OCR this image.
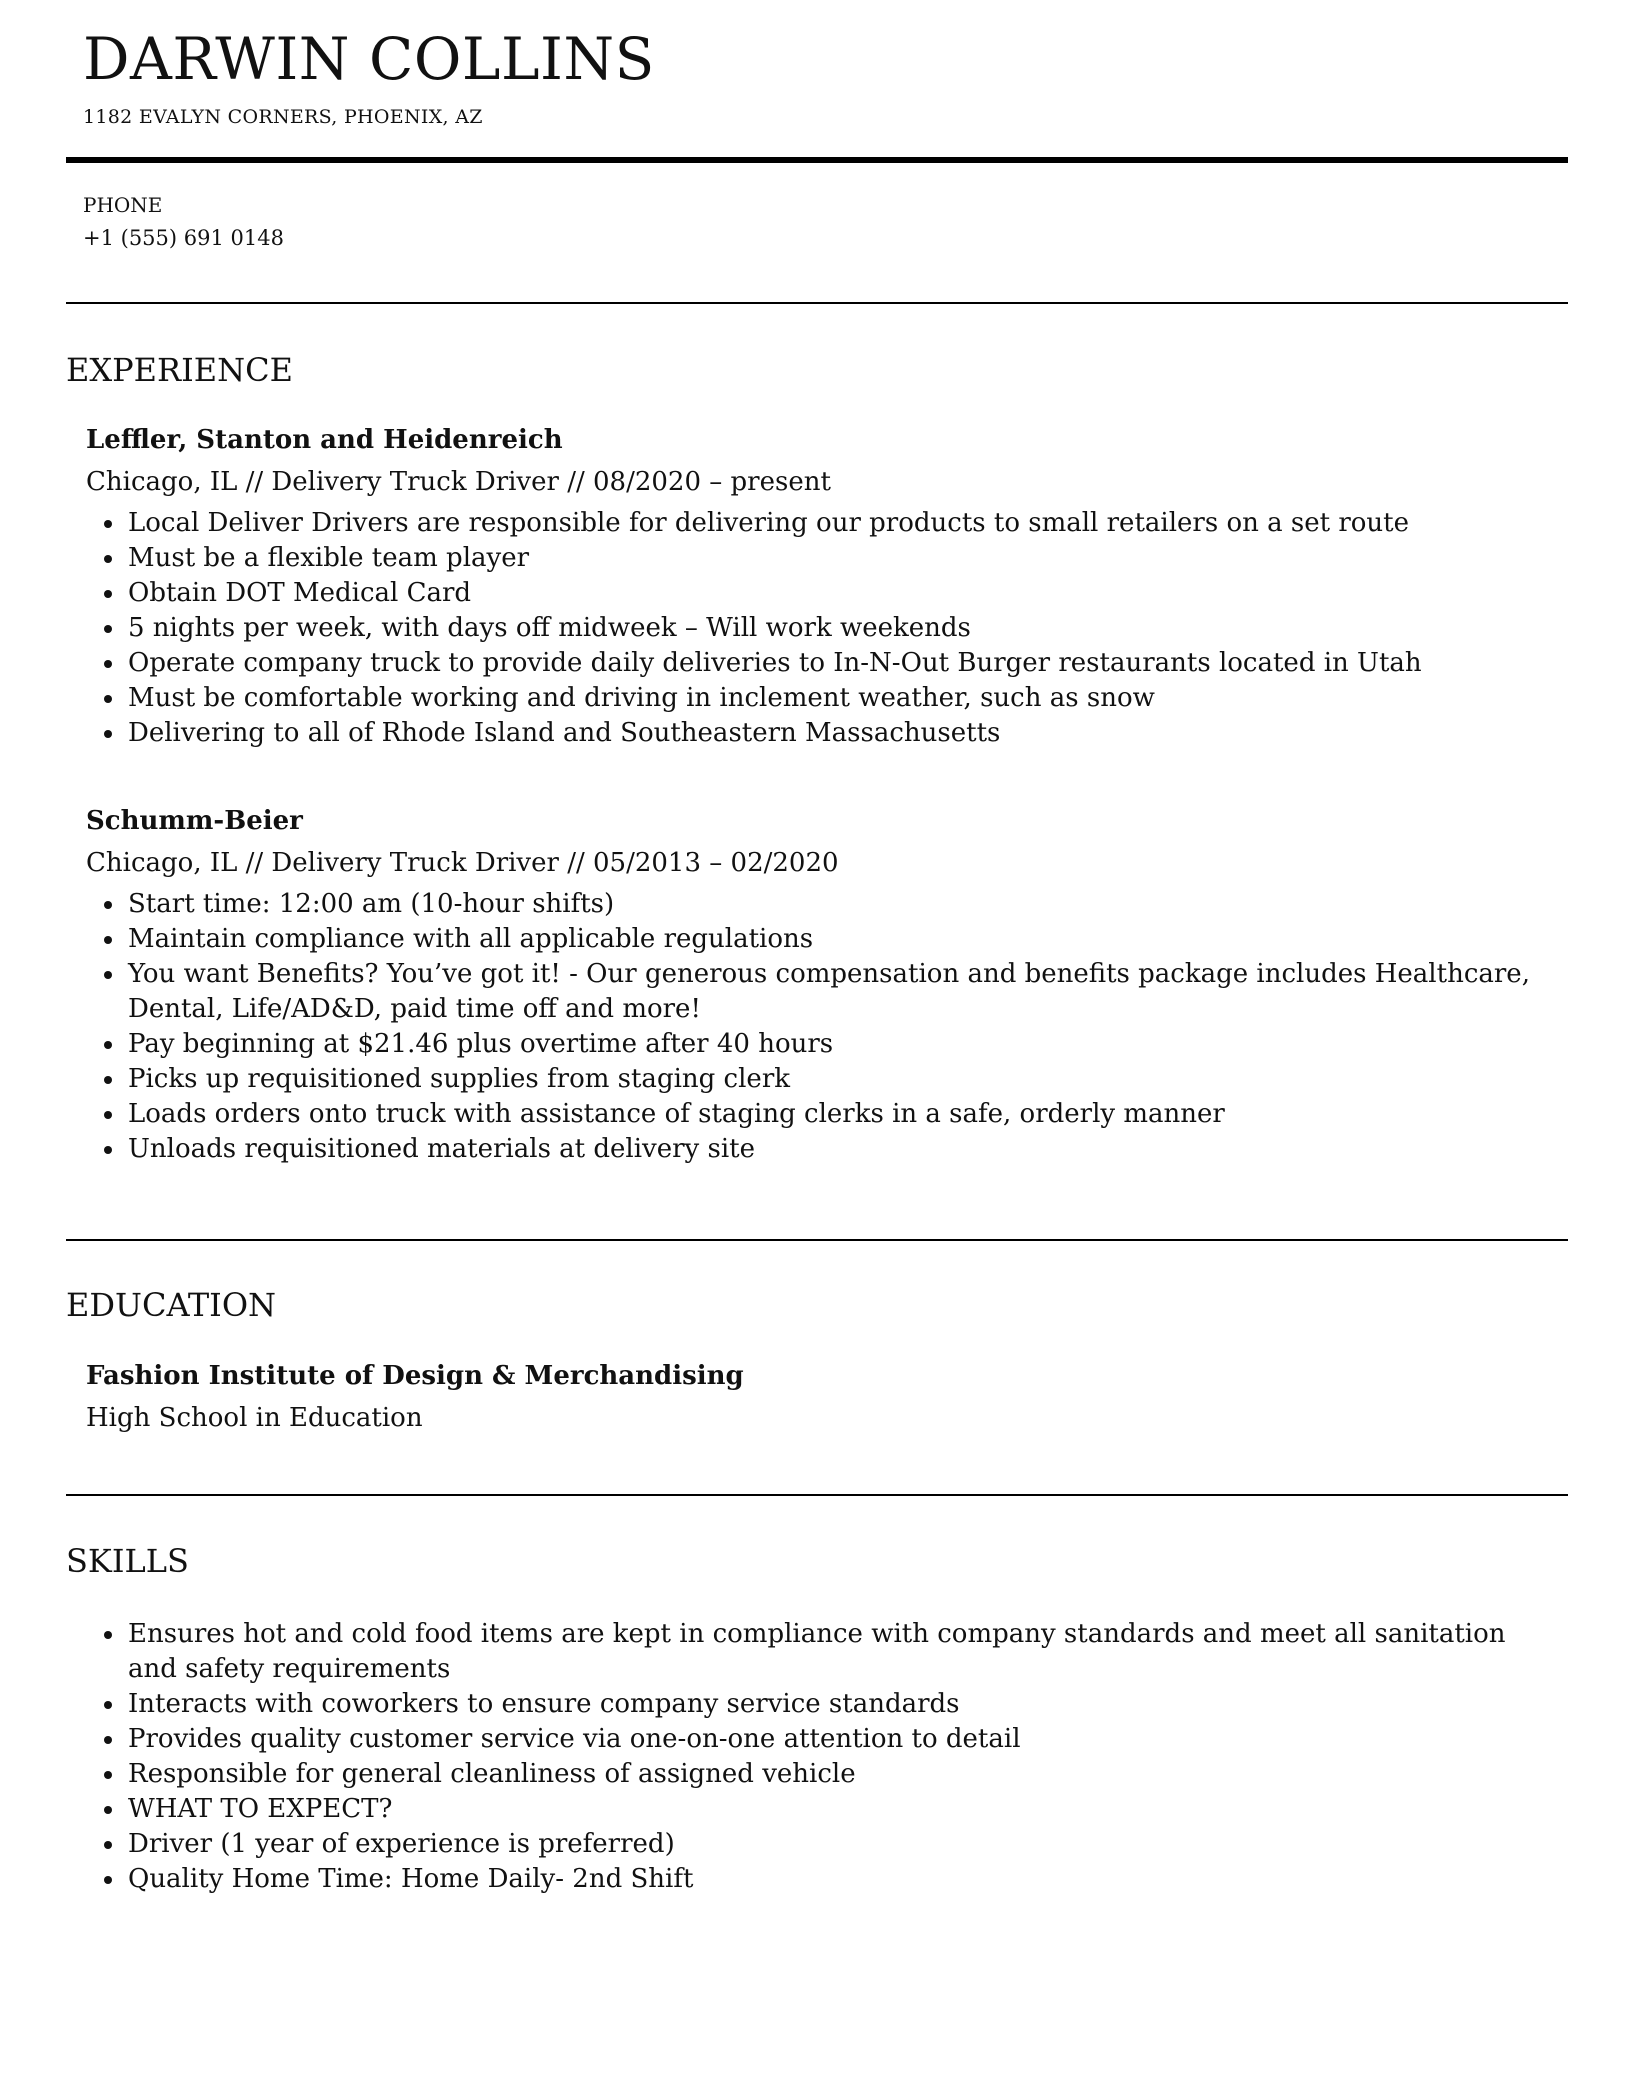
DARWIN COLLINS
1182 EVALYN CORNERS, PHOENIX, AZ
PHONE
+1 (555) 691 0148
EXPERIENCE
Leffler, Stanton and Heidenreich
Chicago, IL // Delivery Truck Driver // 08/2020 – present
Local Deliver Drivers are responsible for delivering our products to small retailers on a set route
Must be a flexible team player
Obtain DOT Medical Card
5 nights per week, with days off midweek – Will work weekends
Operate company truck to provide daily deliveries to In-N-Out Burger restaurants located in Utah
Must be comfortable working and driving in inclement weather, such as snow
Delivering to all of Rhode Island and Southeastern Massachusetts
Schumm-Beier
Chicago, IL // Delivery Truck Driver // 05/2013 – 02/2020
Start time: 12:00 am (10-hour shifts)
Maintain compliance with all applicable regulations
You want Benefits? You’ve got it! - Our generous compensation and benefits package includes Healthcare, Dental, Life/AD&D, paid time off and more!
Pay beginning at $21.46 plus overtime after 40 hours
Picks up requisitioned supplies from staging clerk
Loads orders onto truck with assistance of staging clerks in a safe, orderly manner
Unloads requisitioned materials at delivery site
EDUCATION
Fashion Institute of Design & Merchandising
High School in Education
SKILLS
Ensures hot and cold food items are kept in compliance with company standards and meet all sanitation and safety requirements
Interacts with coworkers to ensure company service standards
Provides quality customer service via one-on-one attention to detail
Responsible for general cleanliness of assigned vehicle
WHAT TO EXPECT?
Driver (1 year of experience is preferred)
Quality Home Time: Home Daily- 2nd Shift
